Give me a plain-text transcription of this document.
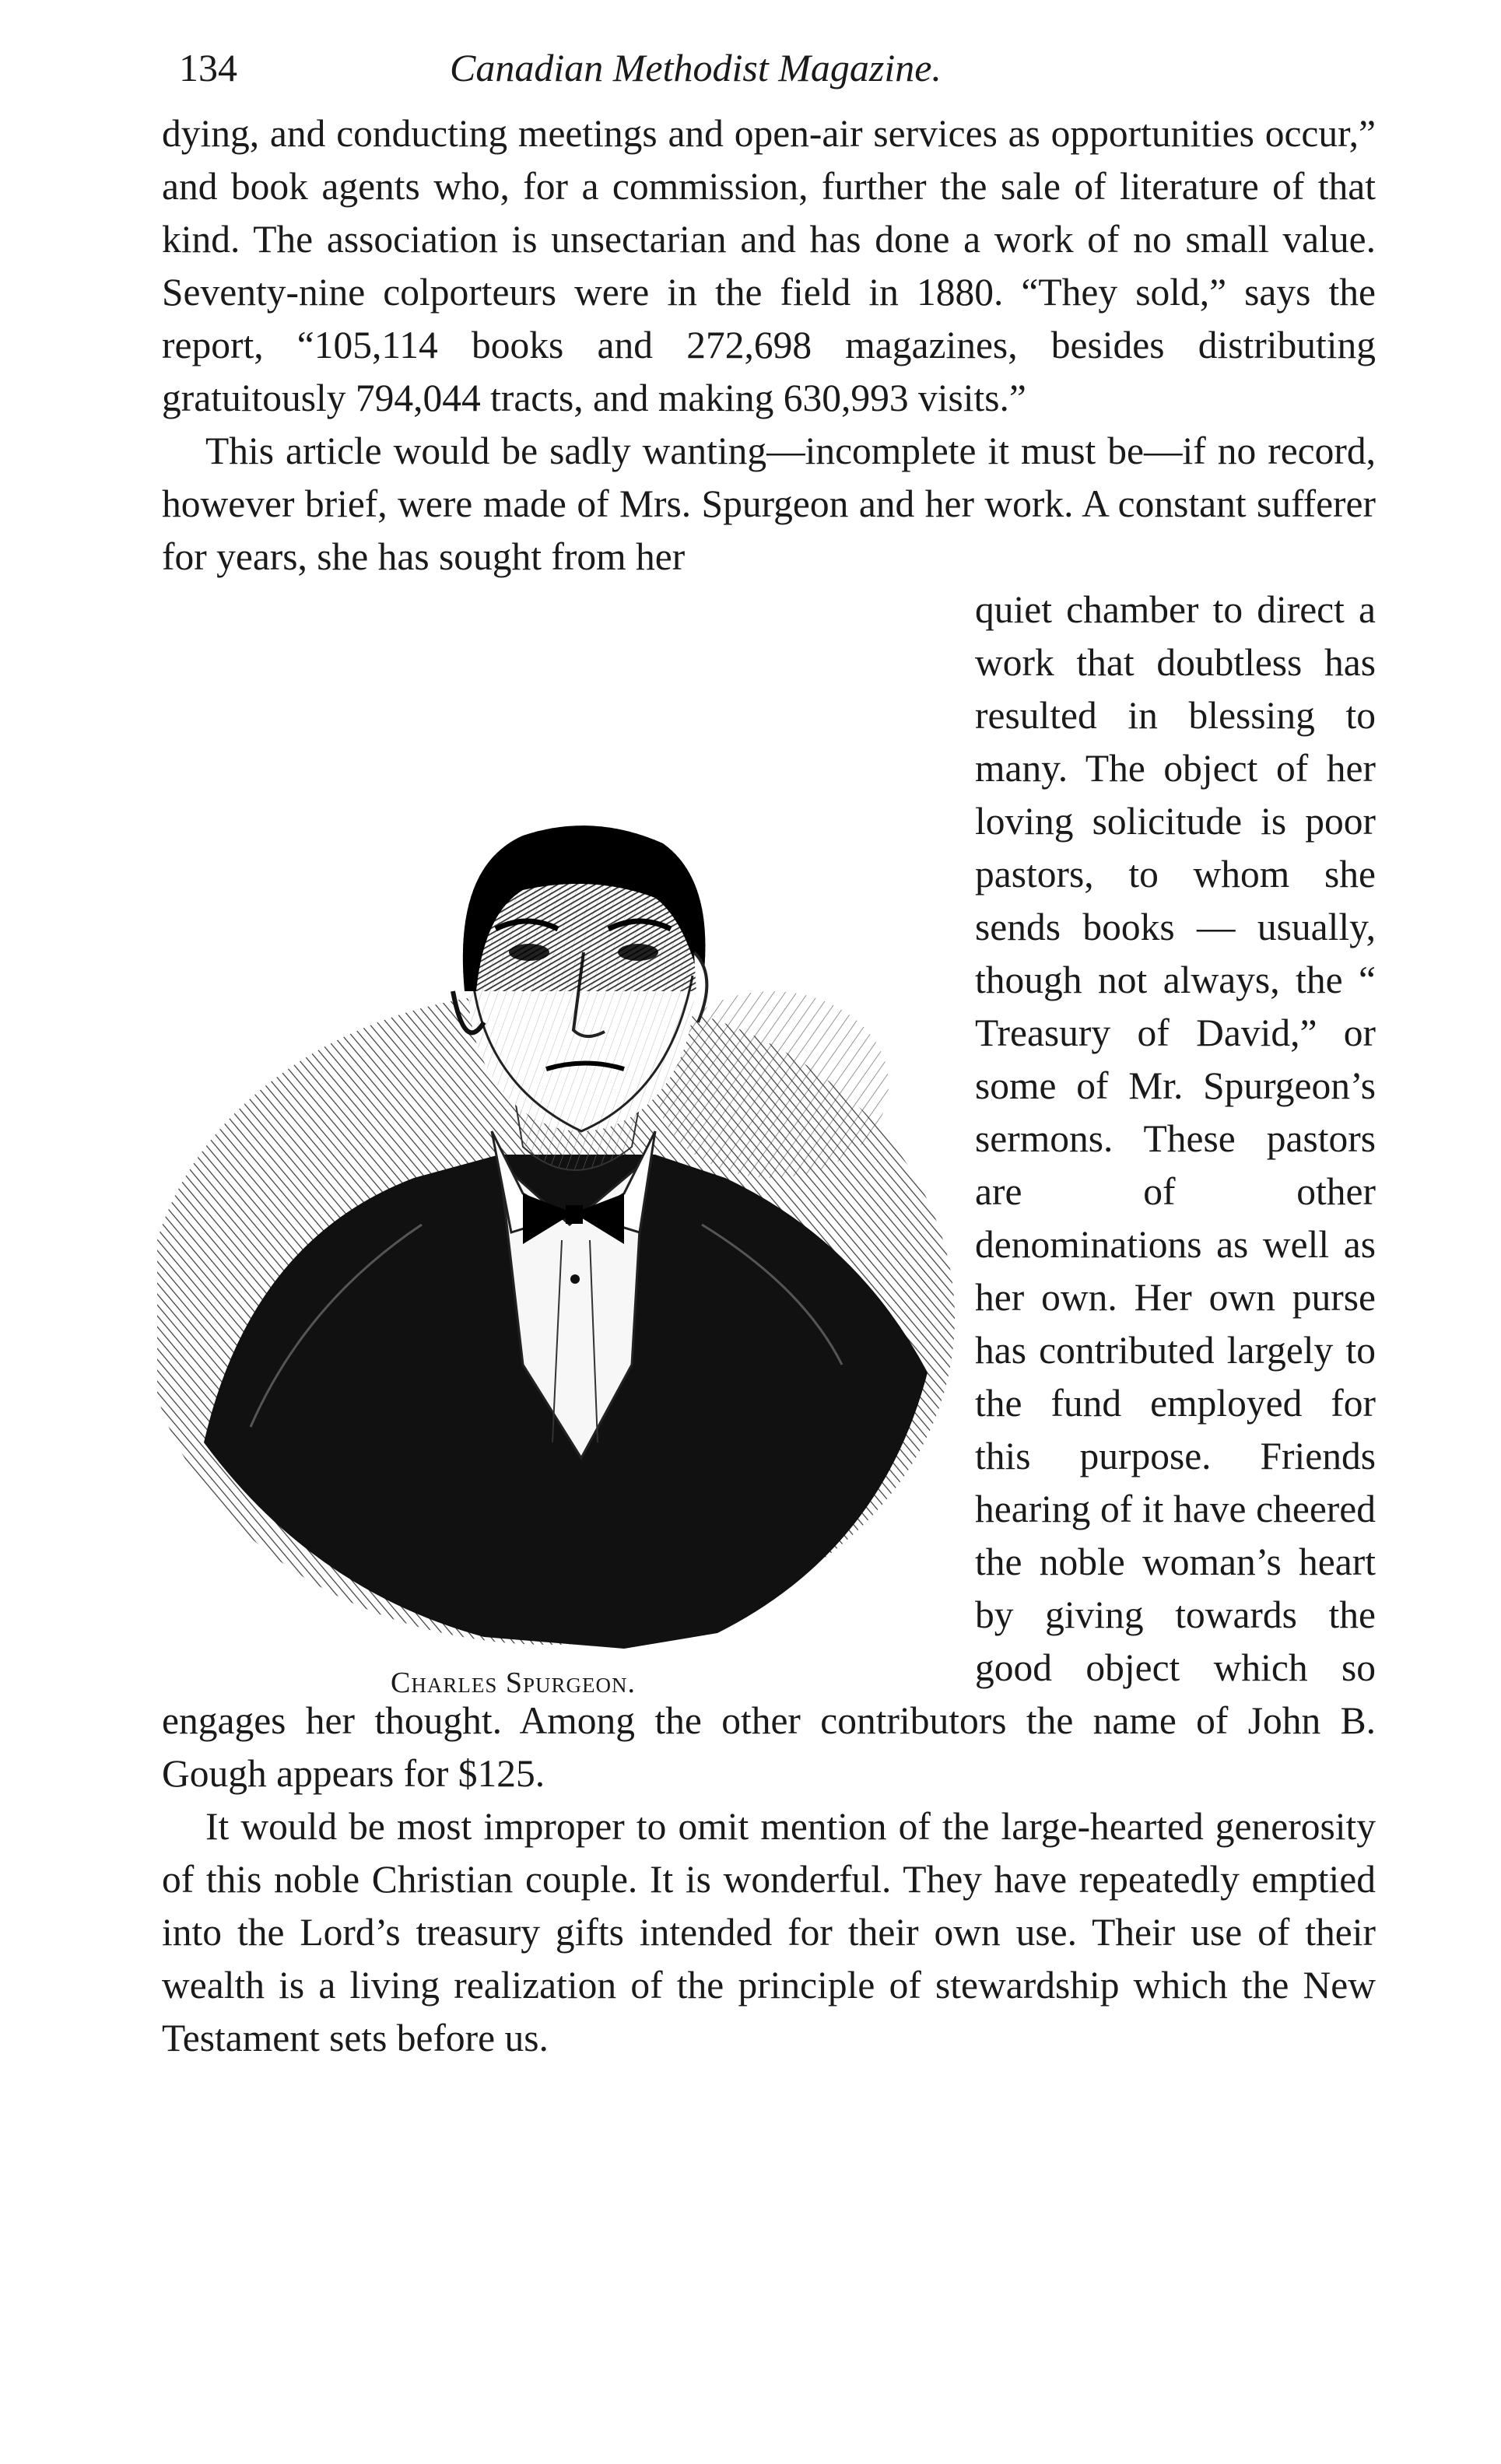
134	Canadian Methodist Magazine.

dying, and conducting meetings and open-air services as opportunities occur,” and book agents who, for a commission, further the sale of literature of that kind. The association is unsectarian and has done a work of no small value. Seventy-nine colporteurs were in the field in 1880. “They sold,” says the report, “105,114 books and 272,698 magazines, besides distributing gratuitously 794,044 tracts, and making 630,993 visits.”

This article would be sadly wanting—incomplete it must be—if no record, however brief, were made of Mrs. Spurgeon and her work. A constant sufferer for years, she has sought from her

Charles Spurgeon.

quiet chamber to direct a work that doubtless has resulted in blessing to many. The object of her loving solicitude is poor pastors, to whom she sends books — usually, though not always, the “ Treasury of David,” or some of Mr. Spurgeon’s sermons. These pastors are of other denominations as well as her own. Her own purse has contributed largely to the fund employed for this purpose. Friends hearing of it have cheered the noble woman’s heart by giving towards the good object which so engages her thought. Among the other contributors the name of John B. Gough appears for $125.

It would be most improper to omit mention of the large-hearted generosity of this noble Christian couple. It is wonderful. They have repeatedly emptied into the Lord’s treasury gifts intended for their own use. Their use of their wealth is a living realization of the principle of stewardship which the New Testament sets before us.
